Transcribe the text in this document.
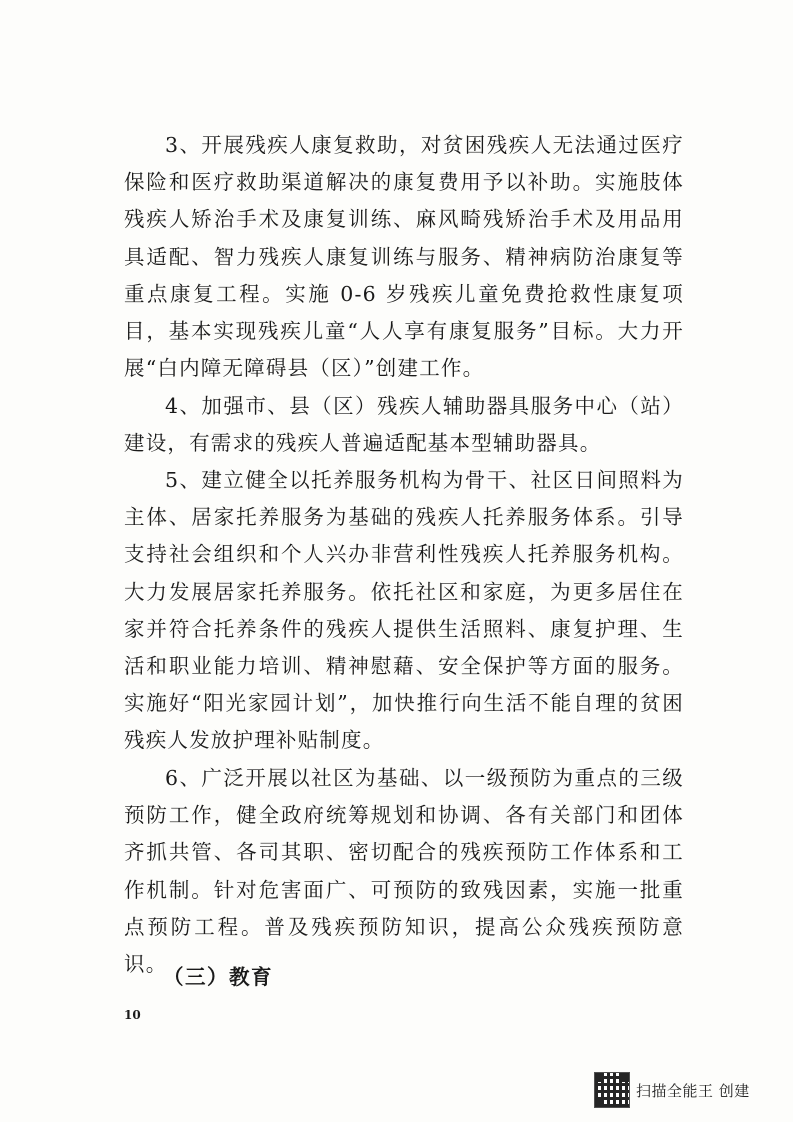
3、开展残疾人康复救助，对贫困残疾人无法通过医疗保险和医疗救助渠道解决的康复费用予以补助。实施肢体残疾人矫治手术及康复训练、麻风畸残矫治手术及用品用具适配、智力残疾人康复训练与服务、精神病防治康复等重点康复工程。实施 0-6 岁残疾儿童免费抢救性康复项目，基本实现残疾儿童“人人享有康复服务”目标。大力开展“白内障无障碍县（区）”创建工作。

4、加强市、县（区）残疾人辅助器具服务中心（站）建设，有需求的残疾人普遍适配基本型辅助器具。

5、建立健全以托养服务机构为骨干、社区日间照料为主体、居家托养服务为基础的残疾人托养服务体系。引导支持社会组织和个人兴办非营利性残疾人托养服务机构。大力发展居家托养服务。依托社区和家庭，为更多居住在家并符合托养条件的残疾人提供生活照料、康复护理、生活和职业能力培训、精神慰藉、安全保护等方面的服务。实施好“阳光家园计划”，加快推行向生活不能自理的贫困残疾人发放护理补贴制度。

6、广泛开展以社区为基础、以一级预防为重点的三级预防工作，健全政府统筹规划和协调、各有关部门和团体齐抓共管、各司其职、密切配合的残疾预防工作体系和工作机制。针对危害面广、可预防的致残因素，实施一批重点预防工程。普及残疾预防知识，提高公众残疾预防意识。

（三）教育
10
扫描全能王 创建
